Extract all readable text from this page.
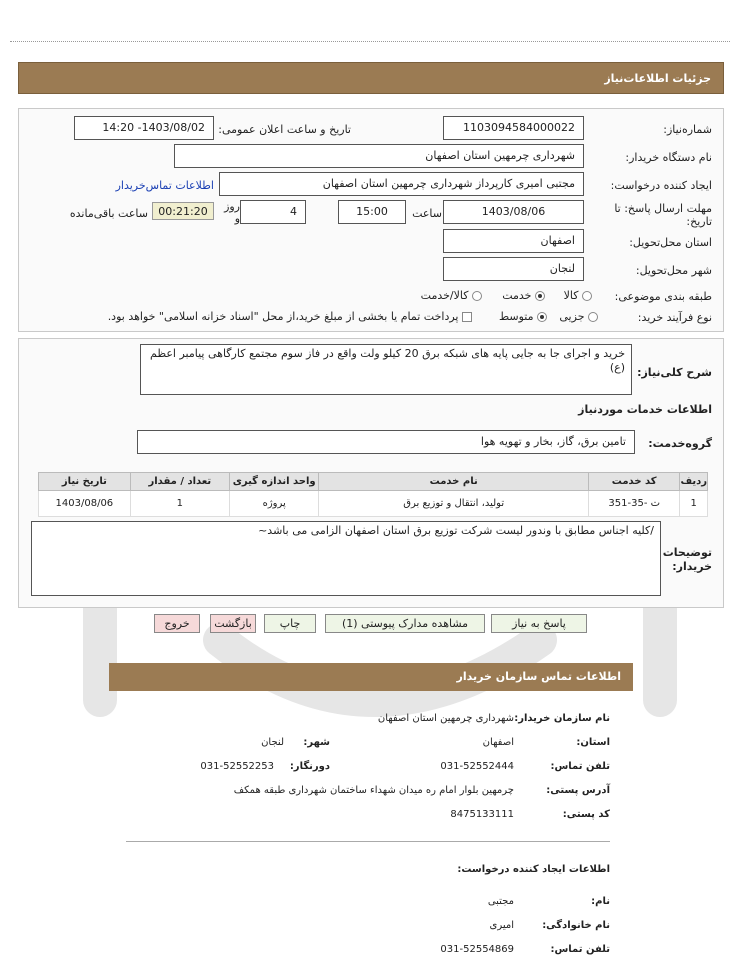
جزئیات اطلاعات‌نیاز
شماره‌نیاز:
1103094584000022
تاریخ و ساعت اعلان عمومی:
1403/08/02- 14:20
نام دستگاه خریدار:
شهرداری چرمهین استان اصفهان
ایجاد کننده درخواست:
مجتبی امیری کارپرداز شهرداری چرمهین استان اصفهان
اطلاعات تماس‌خریدار
مهلت ارسال پاسخ: تا تاریخ:
1403/08/06
ساعت
15:00
4
روز و
00:21:20
ساعت باقی‌مانده
استان محل‌تحویل:
اصفهان
شهر محل‌تحویل:
لنجان
طبقه بندی موضوعی:
کالا
خدمت
کالا/خدمت
نوع فرآیند خرید:
جزیی
متوسط
پرداخت تمام یا بخشی از مبلغ خرید،از محل "اسناد خزانه اسلامی" خواهد بود.
شرح کلی‌نیاز:
خرید و اجرای جا به جایی پایه های شبکه برق 20 کیلو ولت واقع در فاز سوم مجتمع کارگاهی پیامبر اعظم (ع)
اطلاعات خدمات موردنیاز
گروه‌خدمت:
تامین برق، گاز، بخار و تهویه هوا
ردیف	کد خدمت	نام خدمت	واحد اندازه گیری	تعداد / مقدار	تاریخ نیاز
1	ت -35-351	تولید، انتقال و توزیع برق	پروژه	1	1403/08/06
توضیحات خریدار:
/کلیه اجناس مطابق با وندور لیست شرکت توزیع برق استان اصفهان الزامی می باشد~
پاسخ به نیاز
مشاهده مدارک پیوستی (1)
چاپ
بازگشت
خروج
اطلاعات تماس سازمان خریدار
نام سازمان خریدار:
شهرداری چرمهین استان اصفهان
استان:
اصفهان
شهر:
لنجان
تلفن تماس:
031-52552444
دورنگار:
031-52552253
آدرس پستی:
چرمهین بلوار امام ره میدان شهداء ساختمان شهرداری طبقه همکف
کد پستی:
8475133111
اطلاعات ایجاد کننده درخواست:
نام:
مجتبی
نام خانوادگی:
امیری
تلفن تماس:
031-52554869
